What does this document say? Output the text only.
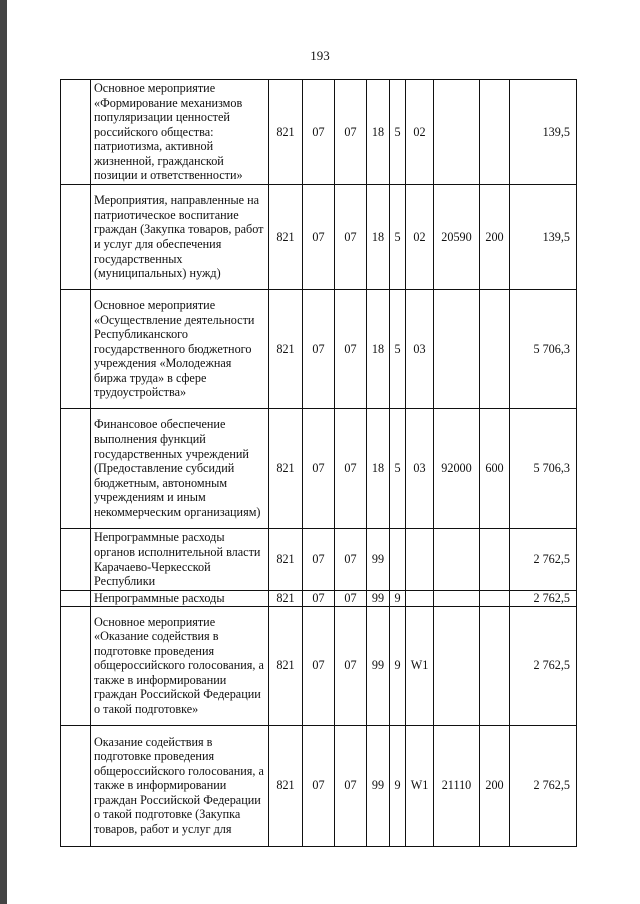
193
	Основное мероприятие «Формирование механизмов популяризации ценностей российского общества: патриотизма, активной жизненной, гражданской позиции и ответственности»	821	07	07	18	5	02			139,5
	Мероприятия, направленные на патриотическое воспитание граждан (Закупка товаров, работ и услуг для обеспечения государственных (муниципальных) нужд)	821	07	07	18	5	02	20590	200	139,5
	Основное мероприятие «Осуществление деятельности Республиканского государственного бюджетного учреждения «Молодежная биржа труда» в сфере трудоустройства»	821	07	07	18	5	03			5 706,3
	Финансовое обеспечение выполнения функций государственных учреждений (Предоставление субсидий бюджетным, автономным учреждениям и иным некоммерческим организациям)	821	07	07	18	5	03	92000	600	5 706,3
	Непрограммные расходы органов исполнительной власти Карачаево-Черкесской Республики	821	07	07	99					2 762,5
	Непрограммные расходы	821	07	07	99	9				2 762,5
	Основное мероприятие «Оказание содействия в подготовке проведения общероссийского голосования, а также в информировании граждан Российской Федерации о такой подготовке»	821	07	07	99	9	W1			2 762,5
	Оказание содействия в подготовке проведения общероссийского голосования, а также в информировании граждан Российской Федерации о такой подготовке (Закупка товаров, работ и услуг для	821	07	07	99	9	W1	21110	200	2 762,5
